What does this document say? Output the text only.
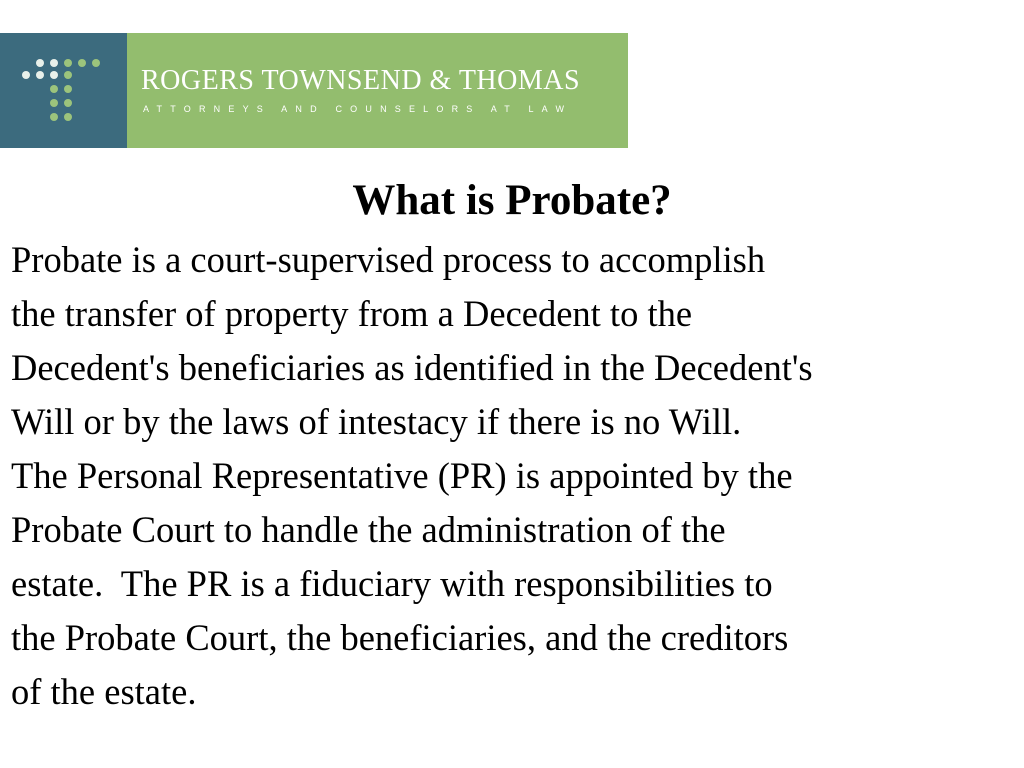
ROGERS TOWNSEND & THOMAS
ATTORNEYS AND COUNSELORS AT LAW
What is Probate?
Probate is a court-supervised process to accomplish
the transfer of property from a Decedent to the
Decedent's beneficiaries as identified in the Decedent's
Will or by the laws of intestacy if there is no Will.
The Personal Representative (PR) is appointed by the
Probate Court to handle the administration of the
estate.  The PR is a fiduciary with responsibilities to
the Probate Court, the beneficiaries, and the creditors
of the estate.
